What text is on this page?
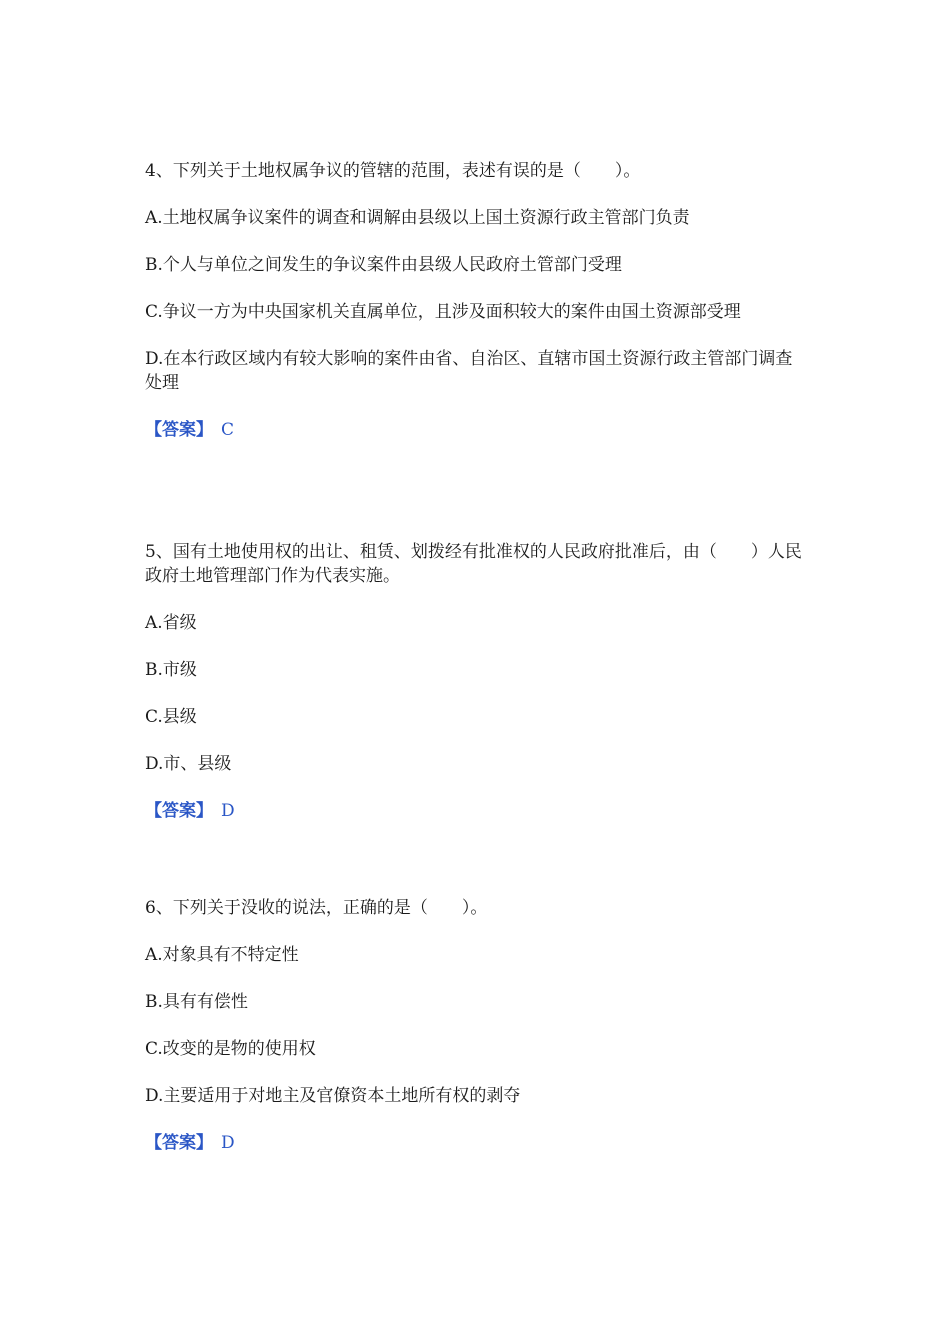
4、下列关于土地权属争议的管辖的范围，表述有误的是（　　）。

A.土地权属争议案件的调查和调解由县级以上国土资源行政主管部门负责

B.个人与单位之间发生的争议案件由县级人民政府土管部门受理

C.争议一方为中央国家机关直属单位，且涉及面积较大的案件由国土资源部受理

D.在本行政区域内有较大影响的案件由省、自治区、直辖市国土资源行政主管部门调查处理

【答案】 C

5、国有土地使用权的出让、租赁、划拨经有批准权的人民政府批准后，由（　　）人民政府土地管理部门作为代表实施。

A.省级

B.市级

C.县级

D.市、县级

【答案】 D

6、下列关于没收的说法，正确的是（　　）。

A.对象具有不特定性

B.具有有偿性

C.改变的是物的使用权

D.主要适用于对地主及官僚资本土地所有权的剥夺

【答案】 D
